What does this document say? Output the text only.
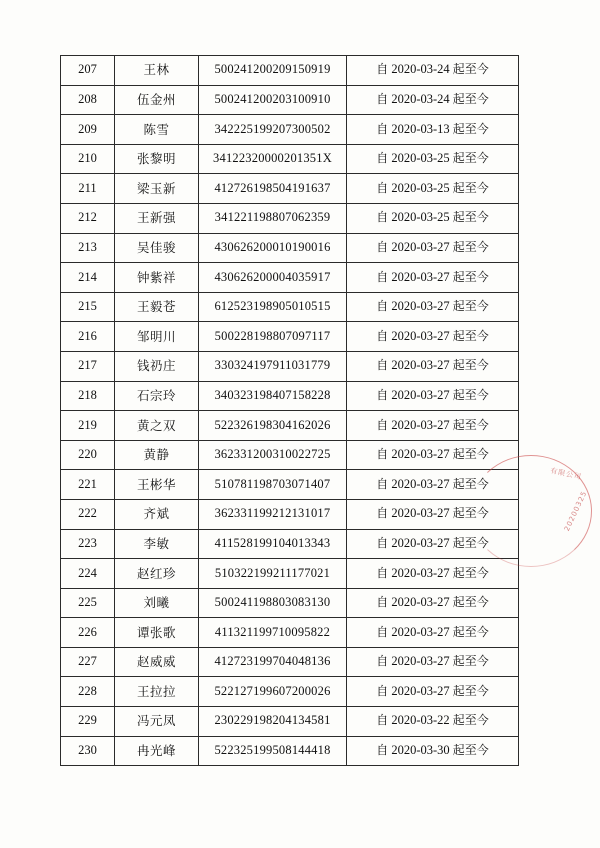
207	王林	500241200209150919	自 2020-03-24 起至今
208	伍金州	500241200203100910	自 2020-03-24 起至今
209	陈雪	342225199207300502	自 2020-03-13 起至今
210	张黎明	34122320000201351X	自 2020-03-25 起至今
211	梁玉新	412726198504191637	自 2020-03-25 起至今
212	王新强	341221198807062359	自 2020-03-25 起至今
213	吴佳骏	430626200010190016	自 2020-03-27 起至今
214	钟紫祥	430626200004035917	自 2020-03-27 起至今
215	王毅苍	612523198905010515	自 2020-03-27 起至今
216	邹明川	500228198807097117	自 2020-03-27 起至今
217	钱礽庄	330324197911031779	自 2020-03-27 起至今
218	石宗玲	340323198407158228	自 2020-03-27 起至今
219	黄之双	522326198304162026	自 2020-03-27 起至今
220	黄静	362331200310022725	自 2020-03-27 起至今
221	王彬华	510781198703071407	自 2020-03-27 起至今
222	齐斌	362331199212131017	自 2020-03-27 起至今
223	李敏	411528199104013343	自 2020-03-27 起至今
224	赵红珍	510322199211177021	自 2020-03-27 起至今
225	刘曦	500241198803083130	自 2020-03-27 起至今
226	谭张歌	411321199710095822	自 2020-03-27 起至今
227	赵威威	412723199704048136	自 2020-03-27 起至今
228	王拉拉	522127199607200026	自 2020-03-27 起至今
229	冯元凤	230229198204134581	自 2020-03-22 起至今
230	冉光峰	522325199508144418	自 2020-03-30 起至今
有限公司
20200325
